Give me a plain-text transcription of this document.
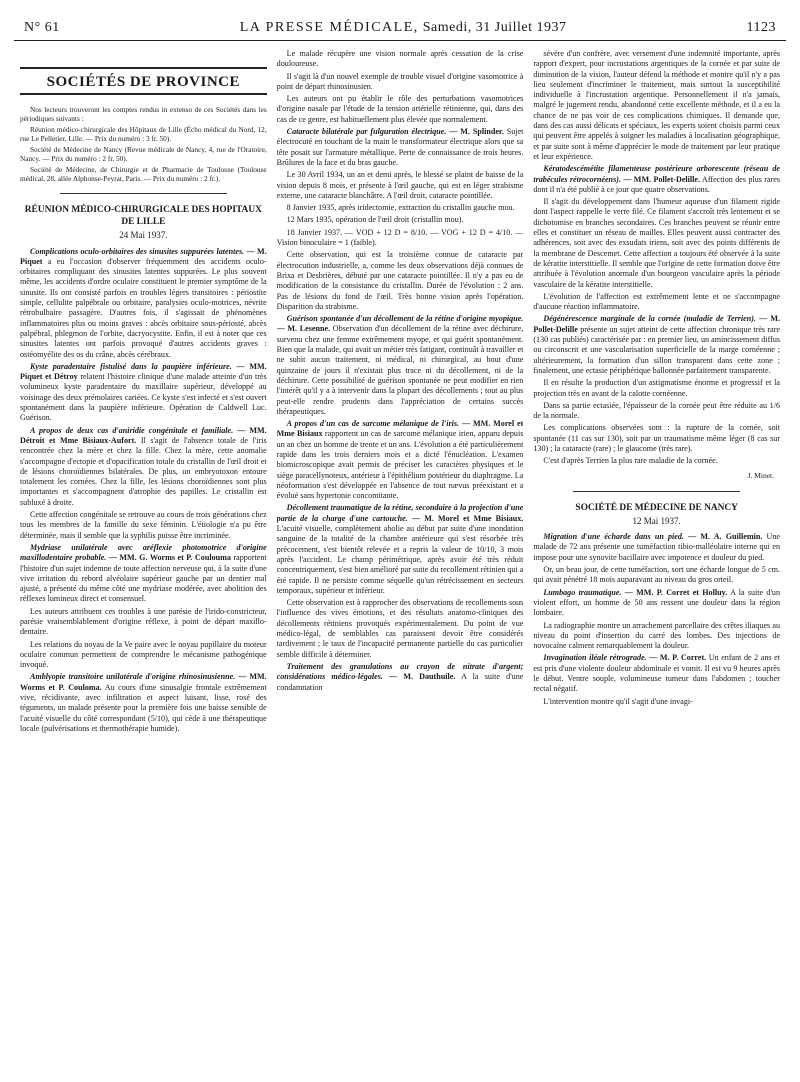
N° 61	LA PRESSE MÉDICALE, Samedi, 31 Juillet 1937	1123
SOCIÉTÉS DE PROVINCE

Nos lecteurs trouveront les comptes rendus in extenso de ces Sociétés dans les périodiques suivants :

Réunion médico-chirurgicale des Hôpitaux de Lille (Écho médical du Nord, 12, rue Le Pelletier, Lille. — Prix du numéro : 3 fr. 50).

Société de Médecine de Nancy (Revue médicale de Nancy, 4, rue de l'Oratoire, Nancy. — Prix du numéro : 2 fr. 50).

Société de Médecine, de Chirurgie et de Pharmacie de Toulouse (Toulouse médical, 28, allée Alphonse-Peyrat, Paris. — Prix du numéro : 2 fr.).

RÉUNION MÉDICO-CHIRURGICALE DES HOPITAUX DE LILLE
24 Mai 1937.

Complications oculo-orbitaires des sinusites suppurées latentes. — M. Piquet a eu l'occasion d'observer fréquemment des accidents oculo-orbitaires compliquant des sinusites latentes suppurées. Le plus souvent même, les accidents d'ordre oculaire constituent le premier symptôme de la sinusite. Ils ont consisté parfois en troubles légers transitoires : périostite simple, cellulite palpébrale ou orbitaire, paralysies oculo-motrices, névrite rétrobulbaire passagère. D'autres fois, il s'agissait de phénomènes inflammatoires plus ou moins graves : abcès orbitaire sous-périosté, abcès palpébral, phlegmon de l'orbite, dacryocystite. Enfin, il est à noter que ces sinusites latentes ont parfois provoqué d'autres accidents graves : ostéomyélite des os du crâne, abcès cérébraux.

Kyste paradentaire fistulisé dans la paupière inférieure. — MM. Piquet et Détroy relatent l'histoire clinique d'une malade atteinte d'un très volumineux kyste paradentaire du maxillaire supérieur, développé au voisinage des deux prémolaires cariées. Ce kyste s'est infecté et s'est ouvert spontanément dans la paupière inférieure. Opération de Caldwell Luc. Guérison.

A propos de deux cas d'aniridie congénitale et familiale. — MM. Détroit et Mme Bisiaux-Aufort. Il s'agit de l'absence totale de l'iris rencontrée chez la mère et chez la fille. Chez la mère, cette anomalie s'accompagne d'ectopie et d'opacification totale du cristallin de l'œil droit et de lésions choroïdiennes bilatérales. De plus, un embryotoxon entoure totalement les cornées. Chez la fille, les lésions choroïdiennes sont plus importantes et s'accompagnent d'atrophie des papilles. Le cristallin est subluxé à droite.

Cette affection congénitale se retrouve au cours de trois générations chez tous les membres de la famille du sexe féminin. L'étiologie n'a pu être déterminée, mais il semble que la syphilis puisse être incriminée.

Mydriase unilatérale avec aréflexie photomotrice d'origine maxillodentaire probable. — MM. G. Worms et P. Coulouma rapportent l'histoire d'un sujet indemne de toute affection nerveuse qui, à la suite d'une vive irritation du rebord alvéolaire supérieur gauche par un dentier mal ajusté, a présenté du même côté une mydriase modérée, avec abolition des réflexes lumineux direct et consensuel.

Les auteurs attribuent ces troubles à une parésie de l'irido-constricteur, parésie vraisemblablement d'origine réflexe, à point de départ maxillo-dentaire.

Les relations du noyau de la Ve paire avec le noyau pupillaire du moteur oculaire commun permettent de comprendre le mécanisme pathogénique invoqué.

Amblyopie transitoire unilatérale d'origine rhinosinusienne. — MM. Worms et P. Couloma. Au cours d'une sinusalgie frontale extrêmement vive, récidivante, avec infiltration et aspect luisant, lisse, rosé des téguments, un malade présente pour la première fois une baisse sensible de l'acuité visuelle du côté correspondant (5/10), qui cède à une thérapeutique locale (pulvérisations et thermothérapie humide).

Le malade récupère une vision normale après cessation de la crise douloureuse.

Il s'agit là d'un nouvel exemple de trouble visuel d'origine vasomotrice à point de départ rhinosinusien.

Les auteurs ont pu établir le rôle des perturbations vasomotrices d'origine nasale par l'étude de la tension artérielle rétinienne, qui, dans des cas de ce genre, est habituellement plus élevée que normalement.

Cataracte bilatérale par fulguration électrique. — M. Splinder. Sujet électrocuté en touchant de la main le transformateur électrique alors que sa tête posait sur l'armature métallique. Perte de connaissance de trois heures. Brûlures de la face et du bras gauche.

Le 30 Avril 1934, un an et demi après, le blessé se plaint de baisse de la vision depuis 8 mois, et présente à l'œil gauche, qui est en léger strabisme externe, une cataracte blanchâtre. A l'œil droit, cataracte pointillée.

8 Janvier 1935, après iridectomie, extraction du cristallin gauche mou.

12 Mars 1935, opération de l'œil droit (cristallin mou).

18 Janvier 1937. — VOD + 12 D = 8/10. — VOG + 12 D = 4/10. — Vision binoculaire = 1 (faible).

Cette observation, qui est la troisième connue de cataracte par électrocution industrielle, a, comme les deux observations déjà connues de Brixa et Desbrières, débuté par une cataracte pointillée. Il n'y a pas eu de modification de la consistance du cristallin. Durée de l'évolution : 2 ans. Pas de lésions du fond de l'œil. Très bonne vision après l'opération. Disparition du strabisme.

Guérison spontanée d'un décollement de la rétine d'origine myopique. — M. Lesenne. Observation d'un décollement de la rétine avec déchirure, survenu chez une femme extrêmement myope, et qui guérit spontanément. Bien que la malade, qui avait un métier très fatigant, continuât à travailler et ne subit aucun traitement, ni médical, ni chirurgical, au bout d'une quinzaine de jours il n'existait plus trace ni du décollement, ni de la déchirure. Cette possibilité de guérison spontanée ne peut modifier en rien l'intérêt qu'il y a à intervenir dans la plupart des décollements ; tout au plus peut-elle rendre prudents dans l'appréciation de certains succès thérapeutiques.

A propos d'un cas de sarcome mélanique de l'iris. — MM. Morel et Mme Bisiaux rapportent un cas de sarcome mélanique irien, apparu depuis un an chez un homme de trente et un ans. L'évolution a été particulièrement rapide dans les trois derniers mois et a dicté l'énucléation. L'examen biomicroscopique avait permis de préciser les caractères physiques et le siège paracellynoteux, antérieur à l'épithélium postérieur du diaphragme. La néoformation s'est développée en l'absence de tout nævus préexistant et a évolué sans hypertonie concomitante.

Décollement traumatique de la rétine, secondaire à la projection d'une partie de la charge d'une cartouche. — M. Morel et Mme Bisiaux. L'acuité visuelle, complètement abolie au début par suite d'une inondation sanguine de la totalité de la chambre antérieure qui s'est résorbée très précocement, s'est bientôt relevée et a repris la valeur de 10/10, 3 mois après l'accident. Le champ périmétrique, après avoir été très réduit concentriquement, s'est bien amélioré par suite du recollement rétinien qui a été rapide. Il ne persiste comme séquelle qu'un rétrécissement en secteurs temporaux, supérieur et inférieur.

Cette observation est à rapprocher des observations de recollements sous l'influence des vives émotions, et des résultats anatomo-cliniques des décollements rétiniens provoqués expérimentalement. Du point de vue médico-légal, de semblables cas paraissent devoir être considérés tardivement ; le taux de l'incapacité permanente partielle du cas particulier semble difficile à déterminer.

Traitement des granulations au crayon de nitrate d'argent; considérations médico-légales. — M. Dauthuile. A la suite d'une condamnation

sévère d'un confrère, avec versement d'une indemnité importante, après rapport d'expert, pour incrustations argentiques de la cornée et par suite de diminution de la vision, l'auteur défend la méthode et montre qu'il n'y a pas lieu seulement d'incriminer le traitement, mais surtout la susceptibilité individuelle à l'incrustation argentique. Personnellement il n'a jamais, malgré le jugement rendu, abandonné cette excellente méthode, et il a eu la chance de ne pas voir de ces complications chimiques. Il demande que, dans des cas aussi délicats et spéciaux, les experts soient choisis parmi ceux qui peuvent être appelés à soigner les maladies à localisation géographique, et par suite sont à même d'apprécier le mode de traitement par leur pratique et leur expérience.

Kératodescémétite filamenteuse postérieure arborescente (réseau de trabécules rétrocornéens). — MM. Pollet-Delille. Affection des plus rares dont il n'a été publié à ce jour que quatre observations.

Il s'agit du développement dans l'humeur aqueuse d'un filament rigide dont l'aspect rappelle le verre filé. Ce filament s'accroît très lentement et se dichotomise en branches secondaires. Ces branches peuvent se réunir entre elles et constituer un réseau de mailles. Elles peuvent aussi contracter des adhérences, soit avec des exsudats iriens, soit avec des points différents de la membrane de Descemet. Cette affection a toujours été observée à la suite de kératite interstitielle. Il semble que l'origine de cette formation doive être attribuée à l'évolution anormale d'un bourgeon vasculaire après la période vasculaire de la kératite interstitielle.

L'évolution de l'affection est extrêmement lente et ne s'accompagne d'aucune réaction inflammatoire.

Dégénérescence marginale de la cornée (maladie de Terrien). — M. Pollet-Delille présente un sujet atteint de cette affection chronique très rare (130 cas publiés) caractérisée par : en premier lieu, un amincissement diffus ou circonscrit et une vascularisation superficielle de la marge cornéenne ; ultérieurement, la formation d'un sillon transparent dans cette zone ; finalement, une ectasie périphérique ballonnée parfaitement transparente.

Il en résulte la production d'un astigmatisme énorme et progressif et la projection très en avant de la calotte cornéenne.

Dans sa partie ectasiée, l'épaisseur de la cornée peut être réduite au 1/6 de la normale.

Les complications observées sont : la rupture de la cornée, soit spontanée (11 cas sur 130), soit par un traumatisme même léger (8 cas sur 130) ; la cataracte (rare) ; le glaucome (très rare).

C'est d'après Terrien la plus rare maladie de la cornée.

J. Minet.
SOCIÉTÉ DE MÉDECINE DE NANCY
12 Mai 1937.

Migration d'une écharde dans un pied. — M. A. Guillemin. Une malade de 72 ans présente une tuméfaction tibio-malléolaire interne qui en impose pour une synovite bacillaire avec impotence et douleur du pied.

Or, un beau jour, de cette tuméfaction, sort une écharde longue de 5 cm. qui avait pénétré 18 mois auparavant au niveau du gros orteil.

Lumbago traumatique. — MM. P. Corret et Holluy. A la suite d'un violent effort, un homme de 50 ans ressent une douleur dans la région lombaire.

La radiographie montre un arrachement parcellaire des crêtes iliaques au niveau du point d'insertion du carré des lombes. Des injections de novocaïne calment remarquablement la douleur.

Invagination iléale rétrograde. — M. P. Corret. Un enfant de 2 ans et est pris d'une violente douleur abdominale et vomit. Il est vu 9 heures après le début. Ventre souple, volumineuse tumeur dans l'abdomen ; toucher rectal négatif.

L'intervention montre qu'il s'agit d'une invagi-
